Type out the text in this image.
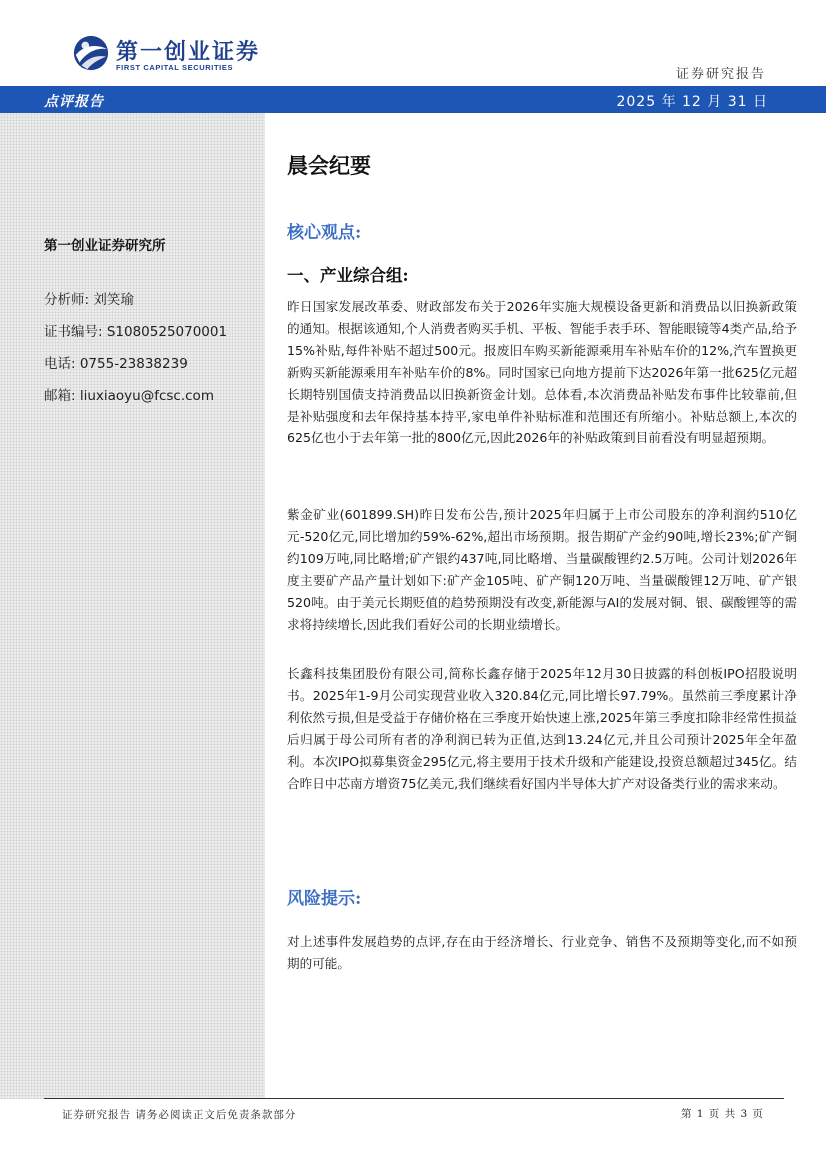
第一创业证券
FIRST CAPITAL SECURITIES	证券研究报告
点评报告	2025 年 12 月 31 日
第一创业证券研究所
分析师: 刘笑瑜
证书编号: S1080525070001
电话: 0755-23838239
邮箱: liuxiaoyu@fcsc.com
晨会纪要
核心观点:
一、产业综合组:
昨日国家发展改革委、财政部发布关于2026年实施大规模设备更新和消费品以旧换新政策的通知。根据该通知,个人消费者购买手机、平板、智能手表手环、智能眼镜等4类产品,给予15%补贴,每件补贴不超过500元。报废旧车购买新能源乘用车补贴车价的12%,汽车置换更新购买新能源乘用车补贴车价的8%。同时国家已向地方提前下达2026年第一批625亿元超长期特别国债支持消费品以旧换新资金计划。总体看,本次消费品补贴发布事件比较靠前,但是补贴强度和去年保持基本持平,家电单件补贴标准和范围还有所缩小。补贴总额上,本次的625亿也小于去年第一批的800亿元,因此2026年的补贴政策到目前看没有明显超预期。
紫金矿业(601899.SH)昨日发布公告,预计2025年归属于上市公司股东的净利润约510亿元-520亿元,同比增加约59%-62%,超出市场预期。报告期矿产金约90吨,增长23%;矿产铜约109万吨,同比略增;矿产银约437吨,同比略增、当量碳酸锂约2.5万吨。公司计划2026年度主要矿产品产量计划如下:矿产金105吨、矿产铜120万吨、当量碳酸锂12万吨、矿产银520吨。由于美元长期贬值的趋势预期没有改变,新能源与AI的发展对铜、银、碳酸锂等的需求将持续增长,因此我们看好公司的长期业绩增长。
长鑫科技集团股份有限公司,简称长鑫存储于2025年12月30日披露的科创板IPO招股说明书。2025年1-9月公司实现营业收入320.84亿元,同比增长97.79%。虽然前三季度累计净利依然亏损,但是受益于存储价格在三季度开始快速上涨,2025年第三季度扣除非经常性损益后归属于母公司所有者的净利润已转为正值,达到13.24亿元,并且公司预计2025年全年盈利。本次IPO拟募集资金295亿元,将主要用于技术升级和产能建设,投资总额超过345亿。结合昨日中芯南方增资75亿美元,我们继续看好国内半导体大扩产对设备类行业的需求来动。
风险提示:
对上述事件发展趋势的点评,存在由于经济增长、行业竞争、销售不及预期等变化,而不如预期的可能。
证券研究报告 请务必阅读正文后免责条款部分	第 1 页 共 3 页
